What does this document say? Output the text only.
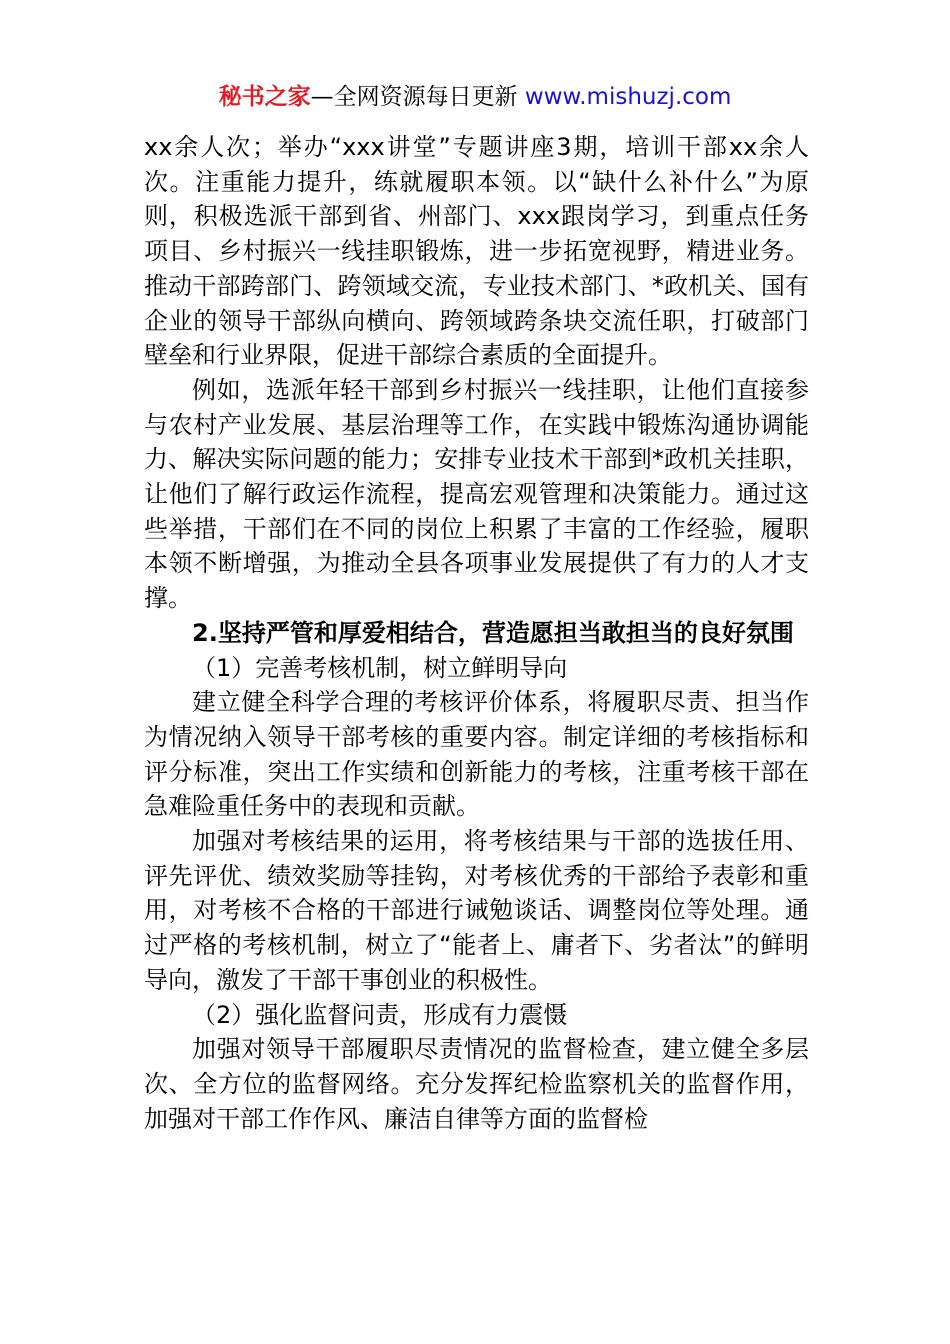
秘书之家—全网资源每日更新 www.mishuzj.com

xx余人次；举办“xxx讲堂”专题讲座3期，培训干部xx余人次。注重能力提升，练就履职本领。以“缺什么补什么”为原则，积极选派干部到省、州部门、xxx跟岗学习，到重点任务项目、乡村振兴一线挂职锻炼，进一步拓宽视野，精进业务。推动干部跨部门、跨领域交流，专业技术部门、*政机关、国有企业的领导干部纵向横向、跨领域跨条块交流任职，打破部门壁垒和行业界限，促进干部综合素质的全面提升。

例如，选派年轻干部到乡村振兴一线挂职，让他们直接参与农村产业发展、基层治理等工作，在实践中锻炼沟通协调能力、解决实际问题的能力；安排专业技术干部到*政机关挂职，让他们了解行政运作流程，提高宏观管理和决策能力。通过这些举措，干部们在不同的岗位上积累了丰富的工作经验，履职本领不断增强，为推动全县各项事业发展提供了有力的人才支撑。

2.坚持严管和厚爱相结合，营造愿担当敢担当的良好氛围

（1）完善考核机制，树立鲜明导向

建立健全科学合理的考核评价体系，将履职尽责、担当作为情况纳入领导干部考核的重要内容。制定详细的考核指标和评分标准，突出工作实绩和创新能力的考核，注重考核干部在急难险重任务中的表现和贡献。

加强对考核结果的运用，将考核结果与干部的选拔任用、评先评优、绩效奖励等挂钩，对考核优秀的干部给予表彰和重用，对考核不合格的干部进行诫勉谈话、调整岗位等处理。通过严格的考核机制，树立了“能者上、庸者下、劣者汰”的鲜明导向，激发了干部干事创业的积极性。

（2）强化监督问责，形成有力震慑

加强对领导干部履职尽责情况的监督检查，建立健全多层次、全方位的监督网络。充分发挥纪检监察机关的监督作用，加强对干部工作作风、廉洁自律等方面的监督检
